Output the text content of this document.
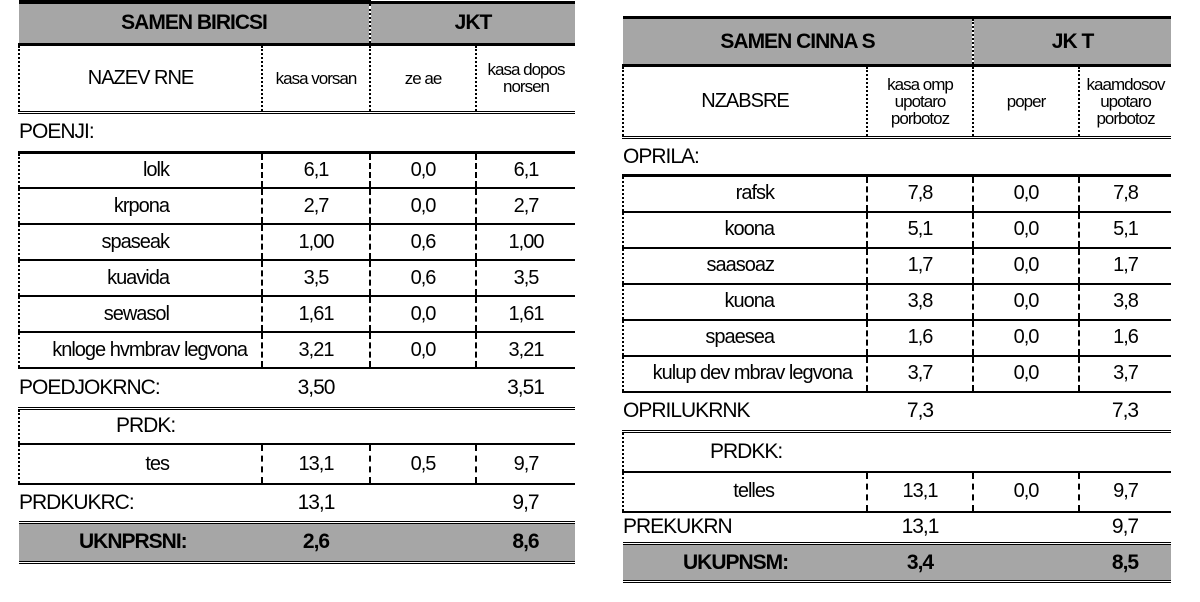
SAMEN BIRICSI		JKT	
NAZEV RNE	kasa vorsan	ze ae	kasa dopos norsen
POENJI:			
lolk	6,1	0,0	6,1
krpona	2,7	0,0	2,7
spaseak	1,00	0,6	1,00
kuavida	3,5	0,6	3,5
sewasol	1,61	0,0	1,61
knloge hvmbrav legvona	3,21	0,0	3,21
POEDJOKRNC:	3,50		3,51
PRDK:			
tes	13,1	0,5	9,7
PRDKUKRC:	13,1		9,7
UKNPRSNI:	2,6		8,6
SAMEN CINNA S		JK T	
NZABSRE	kasa omp upotaro porbotoz	poper	kaamdosov upotaro porbotoz
OPRILA:			
rafsk	7,8	0,0	7,8
koona	5,1	0,0	5,1
saasoaz	1,7	0,0	1,7
kuona	3,8	0,0	3,8
spaesea	1,6	0,0	1,6
kulup dev mbrav legvona	3,7	0,0	3,7
OPRILUKRNK	7,3		7,3
PRDKK:			
telles	13,1	0,0	9,7
PREKUKRN	13,1		9,7
UKUPNSM:	3,4		8,5
